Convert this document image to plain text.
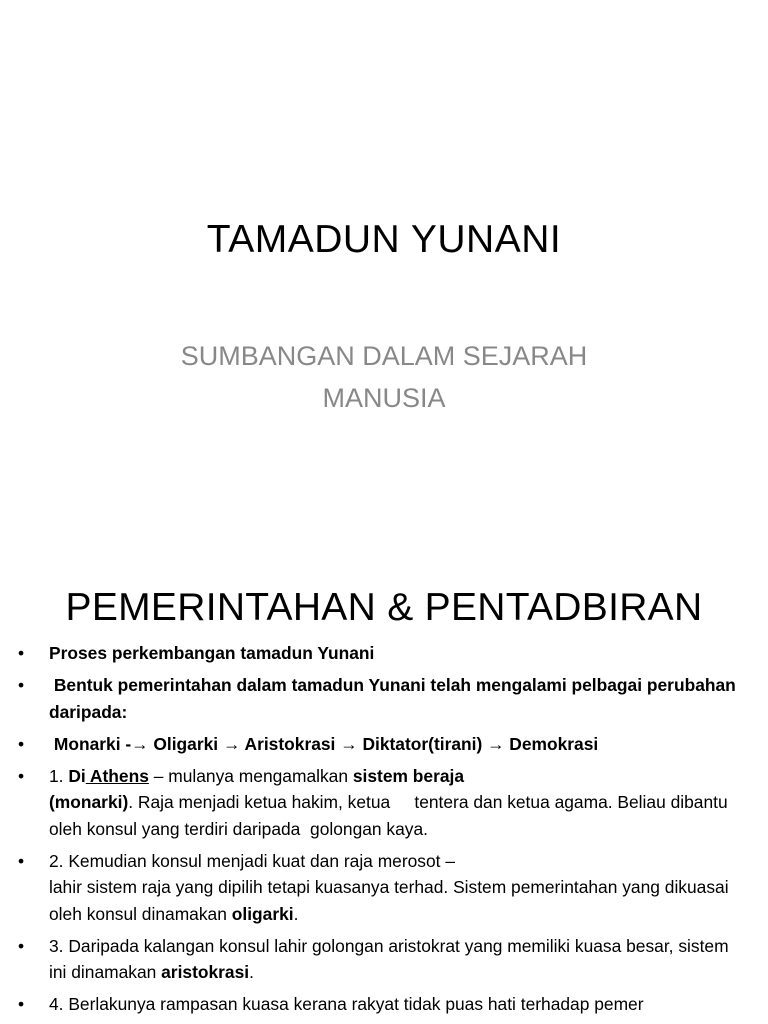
TAMADUN YUNANI
SUMBANGAN DALAM SEJARAH
MANUSIA
PEMERINTAHAN & PENTADBIRAN
• Proses perkembangan tamadun Yunani
• Bentuk pemerintahan dalam tamadun Yunani telah mengalami pelbagai perubahan daripada:
• Monarki -→ Oligarki → Aristokrasi → Diktator(tirani) → Demokrasi
• 1. Di Athens – mulanya mengamalkan sistem beraja
(monarki). Raja menjadi ketua hakim, ketua     tentera dan ketua agama. Beliau dibantu oleh konsul yang terdiri daripada  golongan kaya.
• 2. Kemudian konsul menjadi kuat dan raja merosot –
lahir sistem raja yang dipilih tetapi kuasanya terhad. Sistem pemerintahan yang dikuasai oleh konsul dinamakan oligarki.
• 3. Daripada kalangan konsul lahir golongan aristokrat yang memiliki kuasa besar, sistem ini dinamakan aristokrasi.
• 4. Berlakunya rampasan kuasa kerana rakyat tidak puas hati terhadap pemer
